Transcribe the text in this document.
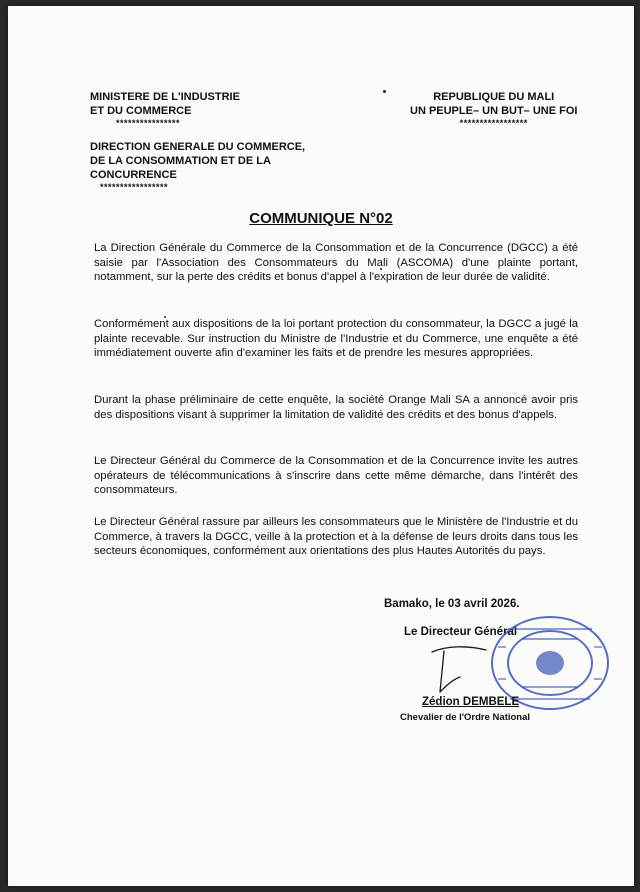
MINISTERE DE L'INDUSTRIE
ET DU COMMERCE
****************
DIRECTION GENERALE DU COMMERCE,
DE LA CONSOMMATION ET DE LA
CONCURRENCE
*****************
REPUBLIQUE DU MALI
UN PEUPLE– UN BUT– UNE FOI
*****************
COMMUNIQUE N°02
La Direction Générale du Commerce de la Consommation et de la Concurrence (DGCC) a été saisie par l'Association des Consommateurs du Mali (ASCOMA) d'une plainte portant, notamment, sur la perte des crédits et bonus d'appel à l'expiration de leur durée de validité.
Conformément aux dispositions de la loi portant protection du consommateur, la DGCC a jugé la plainte recevable. Sur instruction du Ministre de l'Industrie et du Commerce, une enquête a été immédiatement ouverte afin d'examiner les faits et de prendre les mesures appropriées.
Durant la phase préliminaire de cette enquête, la société Orange Mali SA a annoncé avoir pris des dispositions visant à supprimer la limitation de validité des crédits et des bonus d'appels.
Le Directeur Général du Commerce de la Consommation et de la Concurrence invite les autres opérateurs de télécommunications à s'inscrire dans cette même démarche, dans l'intérêt des consommateurs.
Le Directeur Général rassure par ailleurs les consommateurs que le Ministère de l'Industrie et du Commerce, à travers la DGCC, veille à la protection et à la défense de leurs droits dans tous les secteurs économiques, conformément aux orientations des plus Hautes Autorités du pays.
Bamako, le 03 avril 2026.
Le Directeur Général
Zédion DEMBELE
Chevalier de l'Ordre National
